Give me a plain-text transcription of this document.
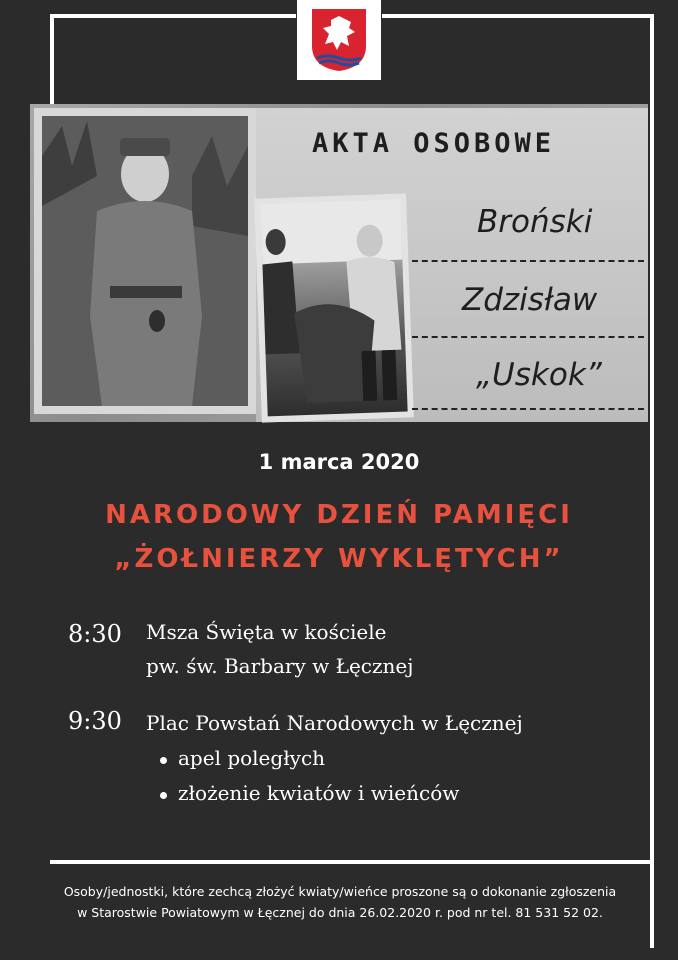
AKTA OSOBOWE
Broński
Zdzisław
„Uskok”
1 marca 2020
NARODOWY DZIEŃ PAMIĘCI
„ŻOŁNIERZY WYKLĘTYCH”
8:30 Msza Święta w kościele
pw. św. Barbary w Łęcznej
9:30 Plac Powstań Narodowych w Łęcznej
apel poległych
złożenie kwiatów i wieńców
Osoby/jednostki, które zechcą złożyć kwiaty/wieńce proszone są o dokonanie zgłoszenia
w Starostwie Powiatowym w Łęcznej do dnia 26.02.2020 r. pod nr tel. 81 531 52 02.
